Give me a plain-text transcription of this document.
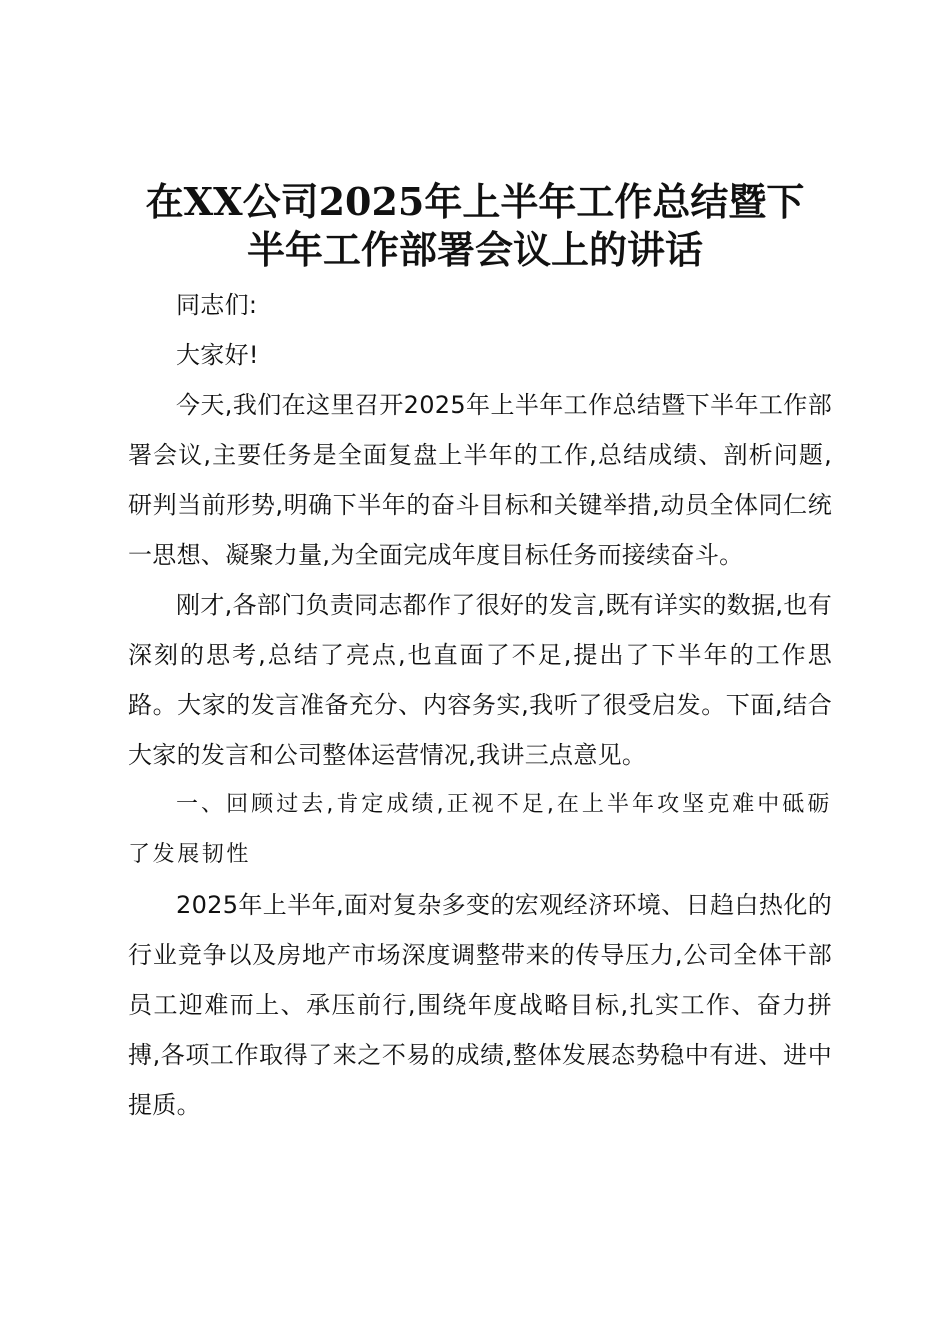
在XX公司2025年上半年工作总结暨下
半年工作部署会议上的讲话

同志们:

大家好!

今天,我们在这里召开2025年上半年工作总结暨下半年工作部署会议,主要任务是全面复盘上半年的工作,总结成绩、剖析问题,研判当前形势,明确下半年的奋斗目标和关键举措,动员全体同仁统一思想、凝聚力量,为全面完成年度目标任务而接续奋斗。

刚才,各部门负责同志都作了很好的发言,既有详实的数据,也有深刻的思考,总结了亮点,也直面了不足,提出了下半年的工作思路。大家的发言准备充分、内容务实,我听了很受启发。下面,结合大家的发言和公司整体运营情况,我讲三点意见。

一、回顾过去,肯定成绩,正视不足,在上半年攻坚克难中砥砺了发展韧性

2025年上半年,面对复杂多变的宏观经济环境、日趋白热化的行业竞争以及房地产市场深度调整带来的传导压力,公司全体干部员工迎难而上、承压前行,围绕年度战略目标,扎实工作、奋力拼搏,各项工作取得了来之不易的成绩,整体发展态势稳中有进、进中提质。
